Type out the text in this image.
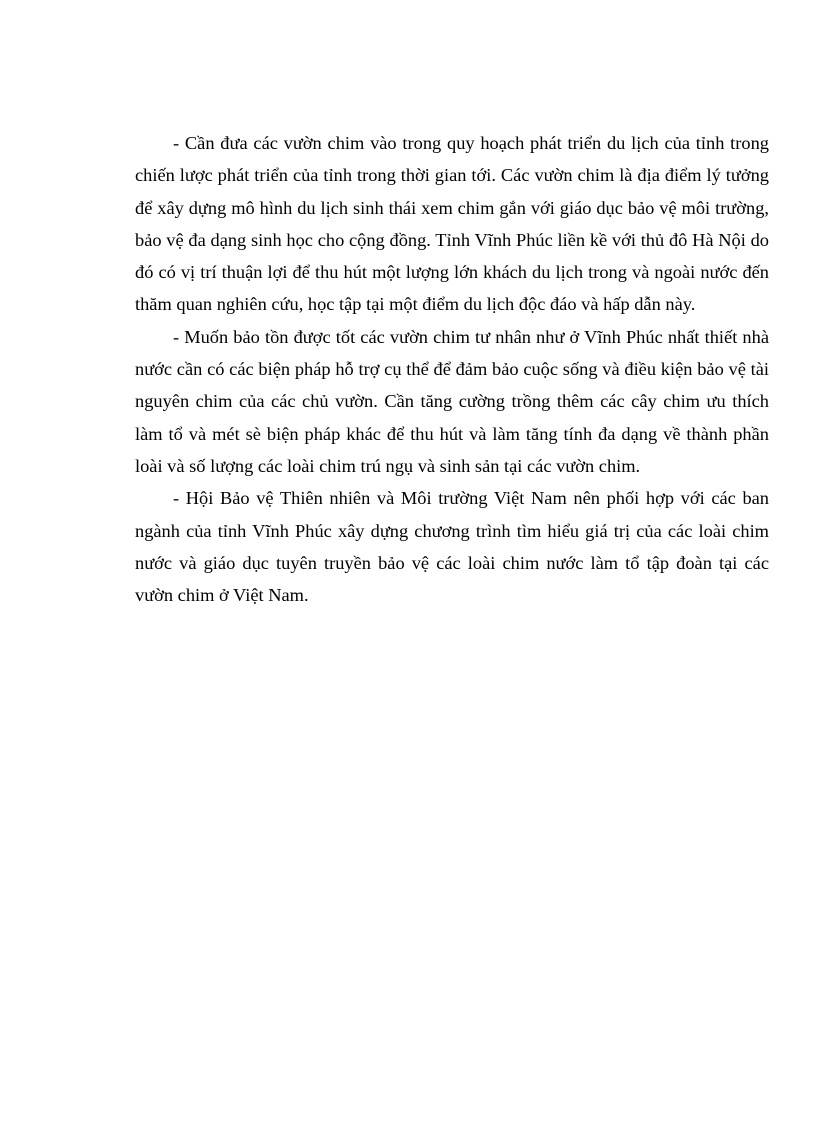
- Cần đưa các vườn chim vào trong quy hoạch phát triển du lịch của tỉnh trong chiến lược phát triển của tỉnh trong thời gian tới. Các vườn chim là địa điểm lý tưởng để xây dựng mô hình du lịch sinh thái xem chim gắn với giáo dục bảo vệ môi trường, bảo vệ đa dạng sinh học cho cộng đồng. Tỉnh Vĩnh Phúc liền kề với thủ đô Hà Nội do đó có vị trí thuận lợi để thu hút một lượng lớn khách du lịch trong và ngoài nước đến thăm quan nghiên cứu, học tập tại một điểm du lịch độc đáo và hấp dẫn này.

- Muốn bảo tồn được tốt các vườn chim tư nhân như ở Vĩnh Phúc nhất thiết nhà nước cần có các biện pháp hỗ trợ cụ thể để đảm bảo cuộc sống và điều kiện bảo vệ tài nguyên chim của các chủ vườn. Cần tăng cường trồng thêm các cây chim ưu thích làm tổ và mét sè biện pháp khác để thu hút và làm tăng tính đa dạng về thành phần loài và số lượng các loài chim trú ngụ và sinh sản tại các vườn chim.

- Hội Bảo vệ Thiên nhiên và Môi trường Việt Nam nên phối hợp với các ban ngành của tỉnh Vĩnh Phúc xây dựng chương trình tìm hiểu giá trị của các loài chim nước và giáo dục tuyên truyền bảo vệ các loài chim nước làm tổ tập đoàn tại các vườn chim ở Việt Nam.
